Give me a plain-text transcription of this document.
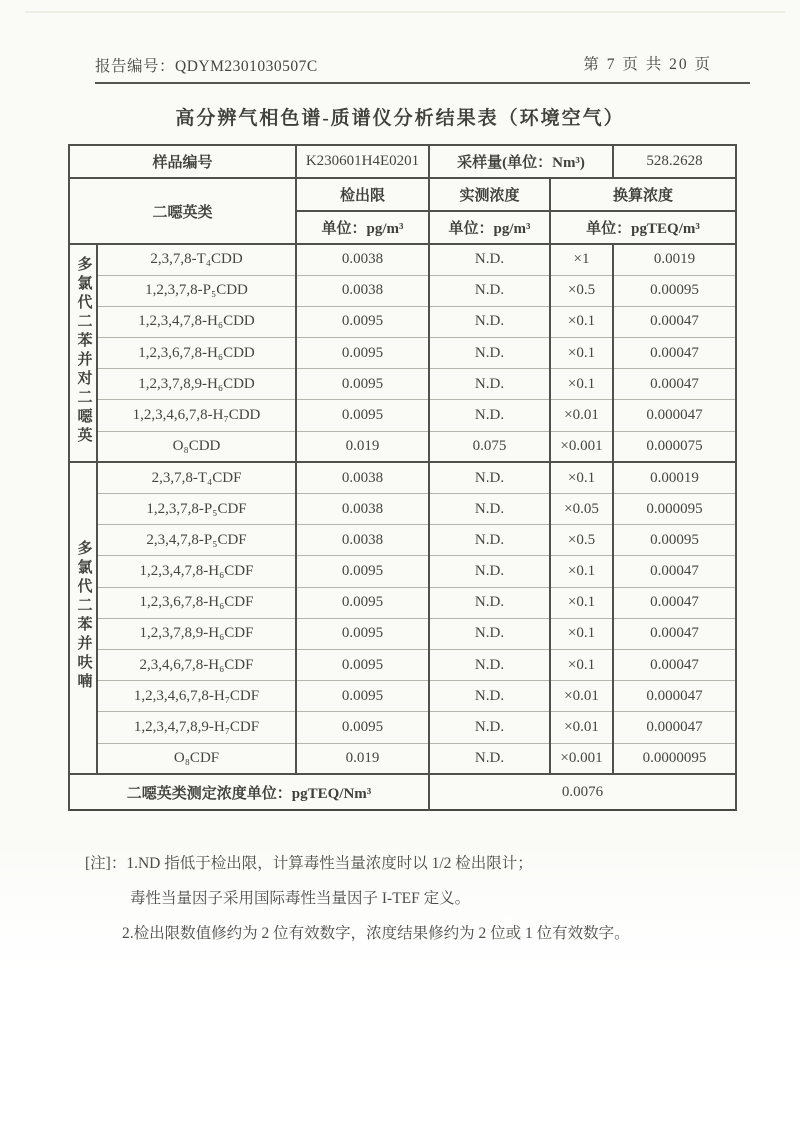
报告编号：QDYM2301030507C	第 7 页 共 20 页
高分辨气相色谱-质谱仪分析结果表（环境空气）
样品编号		K230601H4E0201	采样量(单位：Nm³)		528.2628
二噁英类		检出限	实测浓度	换算浓度	
		单位：pg/m³	单位：pg/m³	单位：pgTEQ/m³	
多氯代二苯并对二噁英	2,3,7,8-T₄CDD	0.0038	N.D.	×1	0.0019
	1,2,3,7,8-P₅CDD	0.0038	N.D.	×0.5	0.00095
	1,2,3,4,7,8-H₆CDD	0.0095	N.D.	×0.1	0.00047
	1,2,3,6,7,8-H₆CDD	0.0095	N.D.	×0.1	0.00047
	1,2,3,7,8,9-H₆CDD	0.0095	N.D.	×0.1	0.00047
	1,2,3,4,6,7,8-H₇CDD	0.0095	N.D.	×0.01	0.000047
	O₈CDD	0.019	0.075	×0.001	0.000075
多氯代二苯并呋喃	2,3,7,8-T₄CDF	0.0038	N.D.	×0.1	0.00019
	1,2,3,7,8-P₅CDF	0.0038	N.D.	×0.05	0.000095
	2,3,4,7,8-P₅CDF	0.0038	N.D.	×0.5	0.00095
	1,2,3,4,7,8-H₆CDF	0.0095	N.D.	×0.1	0.00047
	1,2,3,6,7,8-H₆CDF	0.0095	N.D.	×0.1	0.00047
	1,2,3,7,8,9-H₆CDF	0.0095	N.D.	×0.1	0.00047
	2,3,4,6,7,8-H₆CDF	0.0095	N.D.	×0.1	0.00047
	1,2,3,4,6,7,8-H₇CDF	0.0095	N.D.	×0.01	0.000047
	1,2,3,4,7,8,9-H₇CDF	0.0095	N.D.	×0.01	0.000047
	O₈CDF	0.019	N.D.	×0.001	0.0000095
二噁英类测定浓度单位：pgTEQ/Nm³			0.0076		
[注]：1.ND 指低于检出限，计算毒性当量浓度时以 1/2 检出限计；
毒性当量因子采用国际毒性当量因子 I-TEF 定义。
2.检出限数值修约为 2 位有效数字，浓度结果修约为 2 位或 1 位有效数字。
